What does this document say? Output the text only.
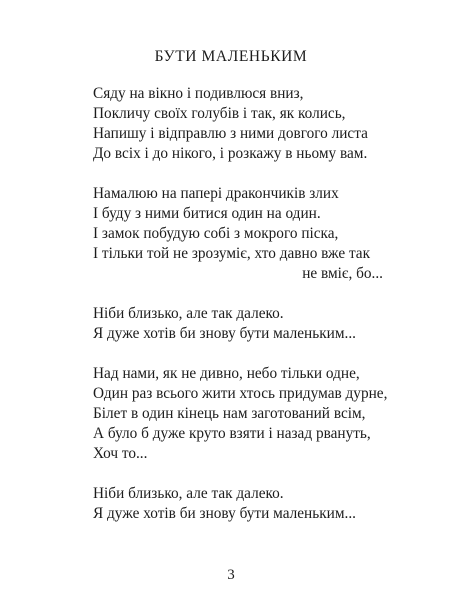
БУТИ МАЛЕНЬКИМ
Сяду на вікно і подивлюся вниз,
Покличу своїх голубів і так, як колись,
Напишу і відправлю з ними довгого листа
До всіх і до нікого, і розкажу в ньому вам.
Намалюю на папері дракончиків злих
І буду з ними битися один на один.
І замок побудую собі з мокрого піска,
І тільки той не зрозуміє, хто давно вже так
не вміє, бо...
Ніби близько, але так далеко.
Я дуже хотів би знову бути маленьким...
Над нами, як не дивно, небо тільки одне,
Один раз всього жити хтось придумав дурне,
Білет в один кінець нам заготований всім,
А було б дуже круто взяти і назад рвануть,
Хоч то...
Ніби близько, але так далеко.
Я дуже хотів би знову бути маленьким...
3
